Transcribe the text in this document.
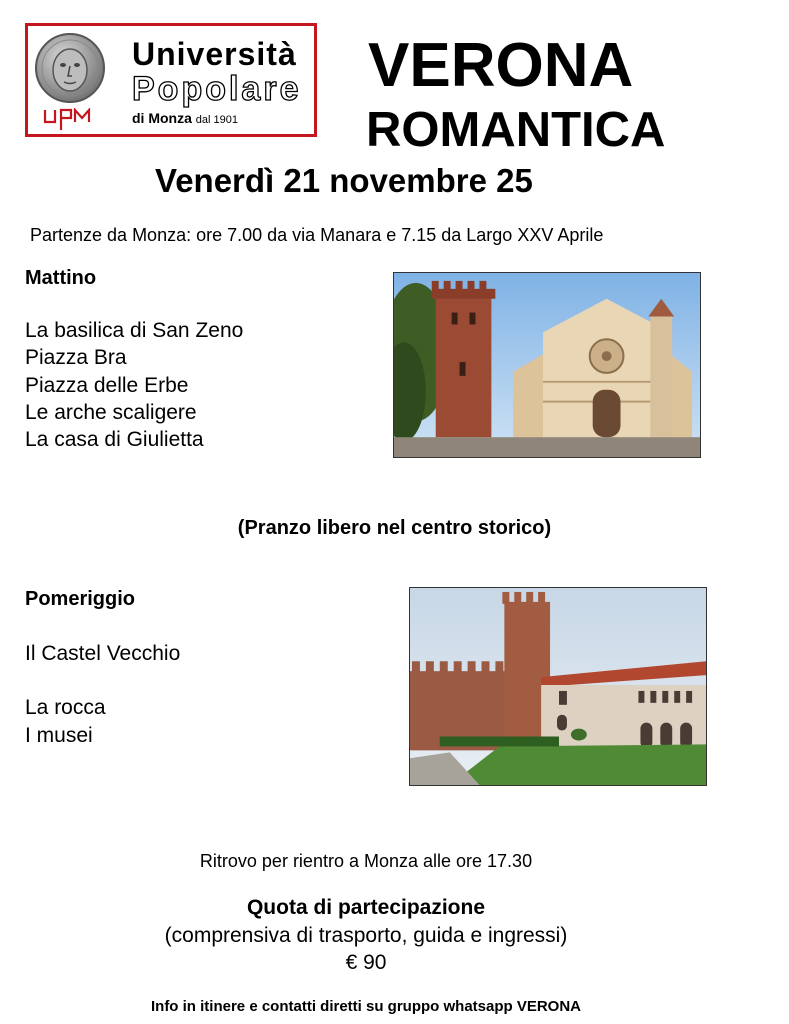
Università
Popolare
di Monza dal 1901
VERONA
ROMANTICA
Venerdì 21 novembre 25
Partenze da Monza: ore 7.00 da via Manara e 7.15 da Largo XXV Aprile
Mattino
La basilica di San Zeno
Piazza Bra
Piazza delle Erbe
Le arche scaligere
La casa di Giulietta
(Pranzo libero nel centro storico)
Pomeriggio
Il Castel Vecchio
La rocca
I musei
Ritrovo per rientro a Monza alle ore 17.30
Quota di partecipazione
(comprensiva di trasporto, guida e ingressi)
€ 90
Info in itinere e contatti diretti su gruppo whatsapp VERONA
